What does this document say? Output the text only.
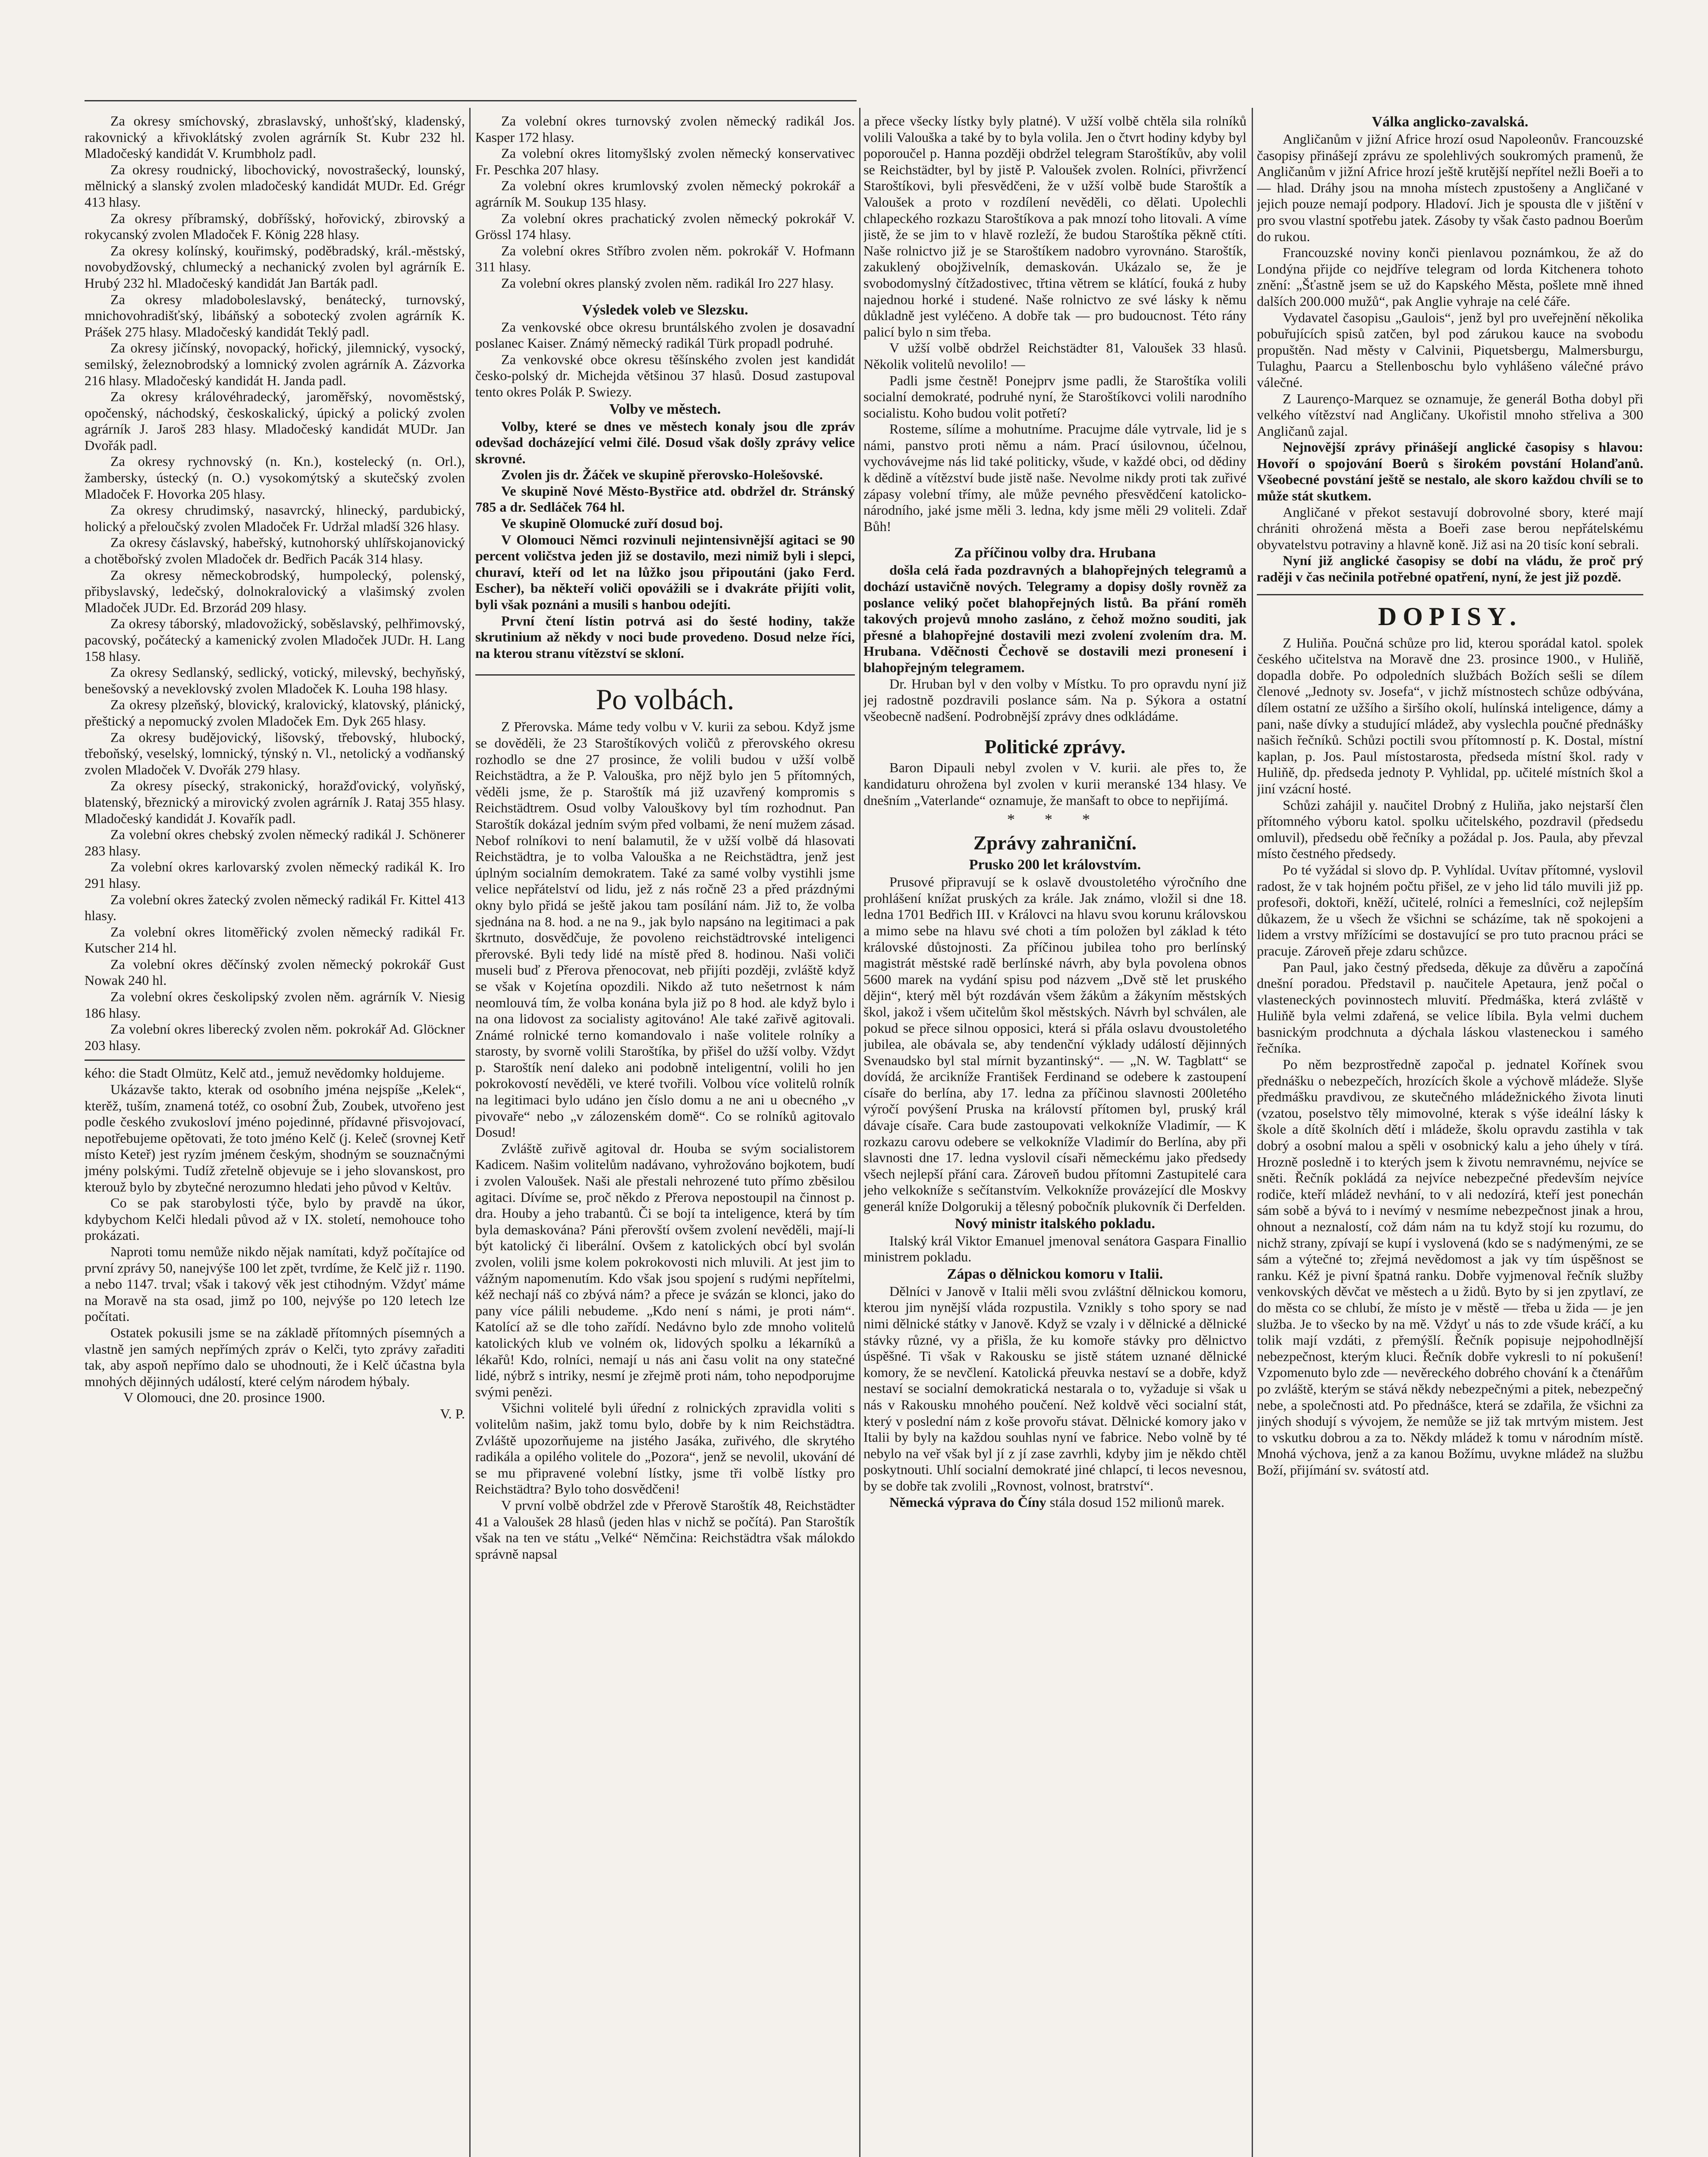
Za okresy smíchovský, zbraslavský, unhošťský, kladenský, rakovnický a křivoklátský zvolen agrárník St. Kubr 232 hl. Mladočeský kandidát V. Krumbholz padl.

Za okresy roudnický, libochovický, novostrašecký, lounský, mělnický a slanský zvolen mladočeský kandidát MUDr. Ed. Grégr 413 hlasy.

Za okresy příbramský, dobříšský, hořovický, zbirovský a rokycanský zvolen Mladoček F. König 228 hlasy.

Za okresy kolínský, kouřimský, poděbradský, král.-městský, novobydžovský, chlumecký a nechanický zvolen byl agrárník E. Hrubý 232 hl. Mladočeský kandidát Jan Barták padl.

Za okresy mladoboleslavský, benátecký, turnovský, mnichovohradišťský, libáňský a sobotecký zvolen agrárník K. Prášek 275 hlasy. Mladočeský kandidát Teklý padl.

Za okresy jičínský, novopacký, hořický, jilemnický, vysocký, semilský, železnobrodský a lomnický zvolen agrárník A. Zázvorka 216 hlasy. Mladočeský kandidát H. Janda padl.

Za okresy královéhradecký, jaroměřský, novoměstský, opočenský, náchodský, českoskalický, úpický a polický zvolen agrárník J. Jaroš 283 hlasy. Mladočeský kandidát MUDr. Jan Dvořák padl.

Za okresy rychnovský (n. Kn.), kostelecký (n. Orl.), žambersky, ústecký (n. O.) vysokomýtský a skutečský zvolen Mladoček F. Hovorka 205 hlasy.

Za okresy chrudimský, nasavrcký, hlinecký, pardubický, holický a přeloučský zvolen Mladoček Fr. Udržal mladší 326 hlasy.

Za okresy čáslavský, habeřský, kutnohorský uhlířskojanovický a chotěbořský zvolen Mladoček dr. Bedřich Pacák 314 hlasy.

Za okresy německobrodský, humpolecký, polenský, přibyslavský, ledečský, dolnokralovický a vlašimský zvolen Mladoček JUDr. Ed. Brzorád 209 hlasy.

Za okresy táborský, mladovožický, soběslavský, pelhřimovský, pacovský, počátecký a kamenický zvolen Mladoček JUDr. H. Lang 158 hlasy.

Za okresy Sedlanský, sedlický, votický, milevský, bechyňský, benešovský a neveklovský zvolen Mladoček K. Louha 198 hlasy.

Za okresy plzeňský, blovický, kralovický, klatovský, plánický, přeštický a nepomucký zvolen Mladoček Em. Dyk 265 hlasy.

Za okresy budějovický, lišovský, třebovský, hlubocký, třeboňský, veselský, lomnický, týnský n. Vl., netolický a vodňanský zvolen Mladoček V. Dvořák 279 hlasy.

Za okresy písecký, strakonický, horažďovický, volyňský, blatenský, březnický a mirovický zvolen agrárník J. Rataj 355 hlasy. Mladočeský kandidát J. Kovařík padl.

Za volební okres chebský zvolen německý radikál J. Schönerer 283 hlasy.

Za volební okres karlovarský zvolen německý radikál K. Iro 291 hlasy.

Za volební okres žatecký zvolen německý radikál Fr. Kittel 413 hlasy.

Za volební okres litoměřický zvolen německý radikál Fr. Kutscher 214 hl.

Za volební okres děčínský zvolen německý pokrokář Gust Nowak 240 hl.

Za volební okres českolipský zvolen něm. agrárník V. Niesig 186 hlasy.

Za volební okres liberecký zvolen něm. pokrokář Ad. Glöckner 203 hlasy.

kého: die Stadt Olmütz, Kelč atd., jemuž nevědomky holdujeme.

Ukázavše takto, kterak od osobního jména nejspíše „Kelek“, kterěž, tuším, znamená totéž, co osobní Žub, Zoubek, utvořeno jest podle českého zvukosloví jméno pojedinné, přídavné přisvojovací, nepotřebujeme opětovati, že toto jméno Kelč (j. Keleč (srovnej Ketř místo Keteř) jest ryzím jménem českým, shodným se souznačnými jmény polskými. Tudíž zřetelně objevuje se i jeho slovanskost, pro kterouž bylo by zbytečné nerozumno hledati jeho původ v Keltův.

Co se pak starobylosti týče, bylo by pravdě na úkor, kdybychom Kelči hledali původ až v IX. století, nemohouce toho prokázati.

Naproti tomu nemůže nikdo nějak namítati, když počítajíce od první zprávy 50, nanejvýše 100 let zpět, tvrdíme, že Kelč již r. 1190. a nebo 1147. trval; však i takový věk jest ctihodným. Vždyť máme na Moravě na sta osad, jimž po 100, nejvýše po 120 letech lze počítati.

Ostatek pokusili jsme se na základě přítomných písemných a vlastně jen samých nepřímých zpráv o Kelči, tyto zprávy zařaditi tak, aby aspoň nepřímo dalo se uhodnouti, že i Kelč účastna byla mnohých dějinných událostí, které celým národem hýbaly.

V Olomouci, dne 20. prosince 1900.

V. P.

Za volební okres turnovský zvolen německý radikál Jos. Kasper 172 hlasy.

Za volební okres litomyšlský zvolen německý konservativec Fr. Peschka 207 hlasy.

Za volební okres krumlovský zvolen německý pokrokář a agrárník M. Soukup 135 hlasy.

Za volební okres prachatický zvolen německý pokrokář V. Grössl 174 hlasy.

Za volební okres Stříbro zvolen něm. pokrokář V. Hofmann 311 hlasy.

Za volební okres planský zvolen něm. radikál Iro 227 hlasy.

Výsledek voleb ve Slezsku.

Za venkovské obce okresu bruntálského zvolen je dosavadní poslanec Kaiser. Známý německý radikál Türk propadl podruhé.

Za venkovské obce okresu těšínského zvolen jest kandidát česko-polský dr. Michejda většinou 37 hlasů. Dosud zastupoval tento okres Polák P. Swiezy.

Volby ve městech.

Volby, které se dnes ve městech konaly jsou dle zpráv odevšad docházející velmi čilé. Dosud však došly zprávy velice skrovné.

Zvolen jis dr. Žáček ve skupině přerovsko-Holešovské.

Ve skupině Nové Město-Bystřice atd. obdržel dr. Stránský 785 a dr. Sedláček 764 hl.

Ve skupině Olomucké zuří dosud boj.

V Olomouci Němci rozvinuli nejintensivnější agitaci se 90 percent voličstva jeden již se dostavilo, mezi nimiž byli i slepci, churaví, kteří od let na lůžko jsou připoutáni (jako Ferd. Escher), ba někteří voliči opovážili se i dvakráte přijíti volit, byli však poznáni a musili s hanbou odejíti.

První čtení lístin potrvá asi do šesté hodiny, takže skrutinium až někdy v noci bude provedeno. Dosud nelze říci, na kterou stranu vítězství se skloní.

Po volbách.

Z Přerovska. Máme tedy volbu v V. kurii za sebou. Když jsme se dověděli, že 23 Staroštíkových voličů z přerovského okresu rozhodlo se dne 27 prosince, že volili budou v užší volbě Reichstädtra, a že P. Valouška, pro nějž bylo jen 5 přítomných, věděli jsme, že p. Staroštík má již uzavřený kompromis s Reichstädtrem. Osud volby Valouškovy byl tím rozhodnut. Pan Staroštík dokázal jedním svým před volbami, že není mužem zásad. Nebof rolníkovi to není balamutil, že v užší volbě dá hlasovati Reichstädtra, je to volba Valouška a ne Reichstädtra, jenž jest úplným socialním demokratem. Také za samé volby vystihli jsme velice nepřátelství od lidu, jež z nás ročně 23 a před prázdnými okny bylo přidá se ještě jakou tam posílání nám. Již to, že volba sjednána na 8. hod. a ne na 9., jak bylo napsáno na legitimaci a pak škrtnuto, dosvědčuje, že povoleno reichstädtrovské inteligenci přerovské. Byli tedy lidé na místě před 8. hodinou. Naši voliči museli buď z Přerova přenocovat, neb přijíti později, zvláště když se však v Kojetína opozdili. Nikdo až tuto nešetrnost k nám neomlouvá tím, že volba konána byla již po 8 hod. ale když bylo i na ona lidovost za socialisty agitováno! Ale také zařivě agitovali. Známé rolnické terno komandovalo i naše volitele rolníky a starosty, by svorně volili Staroštíka, by přišel do užší volby. Vždyt p. Staroštík není daleko ani podobně inteligentní, volili ho jen pokrokovostí nevěděli, ve které tvořili. Volbou více volitelů rolník na legitimaci bylo udáno jen číslo domu a ne ani u obecného „v pivovaře“ nebo „v zálozenském domě“. Co se rolníků agitovalo Dosud!

Zvláště zuřivě agitoval dr. Houba se svým socialistorem Kadicem. Našim volitelům nadávano, vyhrožováno bojkotem, budí i zvolen Valoušek. Naši ale přestali nehrozené tuto přímo zběsilou agitaci. Dívíme se, proč někdo z Přerova nepostoupil na činnost p. dra. Houby a jeho trabantů. Či se bojí ta inteligence, která by tím byla demaskována? Páni přerovští ovšem zvolení nevěděli, mají-li být katolický či liberální. Ovšem z katolických obcí byl svolán zvolen, volili jsme kolem pokrokovosti nich mluvili. At jest jim to vážným napomenutím. Kdo však jsou spojení s rudými nepřítelmi, kéž nechají náš co zbývá nám? a přece je svázán se klonci, jako do pany více pálili nebudeme. „Kdo není s námi, je proti nám“. Katolící až se dle toho zařídí. Nedávno bylo zde mnoho volitelů katolických klub ve volném ok, lidových spolku a lékarníků a lékařů! Kdo, rolníci, nemají u nás ani času volit na ony statečné lidé, nýbrž s intriky, nesmí je zřejmě proti nám, toho nepodporujme svými penězi.

Všichni volitelé byli úřední z rolnických zpravidla voliti s volitelům našim, jakž tomu bylo, dobře by k nim Reichstädtra. Zvláště upozorňujeme na jistého Jasáka, zuřivého, dle skrytého radikála a opilého volitele do „Pozora“, jenž se nevolil, ukování dé se mu připravené volební lístky, jsme tři volbě lístky pro Reichstädtra? Bylo toho dosvědčeni!

V první volbě obdržel zde v Přerově Staroštík 48, Reichstädter 41 a Valoušek 28 hlasů (jeden hlas v nichž se počítá). Pan Staroštík však na ten ve státu „Velké“ Němčina: Reichstädtra však málokdo správně napsal

a přece všecky lístky byly platné). V užší volbě chtěla sila rolníků volili Valouška a také by to byla volila. Jen o čtvrt hodiny kdyby byl poporoučel p. Hanna později obdržel telegram Staroštíkův, aby volil se Reichstädter, byl by jistě P. Valoušek zvolen. Rolníci, přivržencí Staroštíkovi, byli přesvědčeni, že v užší volbě bude Staroštík a Valoušek a proto v rozdílení nevěděli, co dělati. Upolechli chlapeckého rozkazu Staroštíkova a pak mnozí toho litovali. A víme jistě, že se jim to v hlavě rozleží, že budou Staroštíka pěkně ctíti. Naše rolnictvo již je se Staroštíkem nadobro vyrovnáno. Staroštík, zakuklený obojživelník, demaskován. Ukázalo se, že je svobodomyslný čítžadostivec, třtina větrem se klátící, fouká z huby najednou horké i studené. Naše rolnictvo ze své lásky k němu důkladně jest vyléčeno. A dobře tak — pro budoucnost. Této rány palicí bylo n sim třeba.

V užší volbě obdržel Reichstädter 81, Valoušek 33 hlasů. Několik volitelů nevolilo! —

Padli jsme čestně! Ponejprv jsme padli, že Staroštíka volili socialní demokraté, podruhé nyní, že Staroštíkovci volili narodního socialistu. Koho budou volit potřetí?

Rosteme, sílíme a mohutníme. Pracujme dále vytrvale, lid je s námi, panstvo proti němu a nám. Prací úsilovnou, účelnou, vychovávejme nás lid také politicky, všude, v každé obci, od dědiny k dědině a vítězství bude jistě naše. Nevolme nikdy proti tak zuřivé zápasy volební třímy, ale může pevného přesvědčení katolicko-národního, jaké jsme měli 3. ledna, kdy jsme měli 29 voliteli. Zdař Bůh!

Za příčinou volby dra. Hrubana

došla celá řada pozdravných a blahopřejných telegramů a dochází ustavičně nových. Telegramy a dopisy došly rovněž za poslance veliký počet blahopřejných listů. Ba přání roměh takových projevů mnoho zasláno, z čehož možno souditi, jak přesné a blahopřejné dostavili mezi zvolení zvolením dra. M. Hrubana. Vděčnosti Čechově se dostavili mezi pronesení i blahopřejným telegramem.

Dr. Hruban byl v den volby v Místku. To pro opravdu nyní již jej radostně pozdravili poslance sám. Na p. Sýkora a ostatní všeobecně nadšení. Podrobnější zprávy dnes odkládáme.

Politické zprávy.

Baron Dipauli nebyl zvolen v V. kurii. ale přes to, že kandidaturu ohrožena byl zvolen v kurii meranské 134 hlasy. Ve dnešním „Vaterlande“ oznamuje, že manšaft to obce to nepřijímá.

* * *
Zprávy zahraniční.
Prusko 200 let královstvím.

Prusové připravují se k oslavě dvoustoletého výročního dne prohlášení knížat pruských za krále. Jak známo, vložil si dne 18. ledna 1701 Bedřich III. v Královci na hlavu svou korunu královskou a mimo sebe na hlavu své choti a tím položen byl základ k této královské důstojnosti. Za příčinou jubilea toho pro berlínský magistrát městské radě berlínské návrh, aby byla povolena obnos 5600 marek na vydání spisu pod názvem „Dvě stě let pruského dějin“, který měl být rozdáván všem žákům a žákyním městských škol, jakož i všem učitelům škol městských. Návrh byl schválen, ale pokud se přece silnou opposici, která si přála oslavu dvoustoletého jubilea, ale obávala se, aby tendenční výklady událostí dějinných Svenaudsko byl stal mírnit byzantinský“. — „N. W. Tagblatt“ se dovídá, že arcikníže František Ferdinand se odebere k zastoupení císaře do berlína, aby 17. ledna za příčinou slavnosti 200letého výročí povýšení Pruska na královstí přítomen byl, pruský král dávaje císaře. Cara bude zastoupovati velkokníže Vladimír, — K rozkazu carovu odebere se velkokníže Vladimír do Berlína, aby při slavnosti dne 17. ledna vyslovil císaři německému jako předsedy všech nejlepší přání cara. Zároveň budou přítomni Zastupitelé cara jeho velkokníže s sečítanstvím. Velkokníže provázející dle Moskvy generál kníže Dolgorukij a tělesný pobočník plukovník či Derfelden.

Nový ministr italského pokladu.

Italský král Viktor Emanuel jmenoval senátora Gaspara Finallio ministrem pokladu.

Zápas o dělnickou komoru v Italii.

Dělníci v Janově v Italii měli svou zvláštní dělnickou komoru, kterou jim nynější vláda rozpustila. Vznikly s toho spory se nad nimi dělnické státky v Janově. Když se vzaly i v dělnické a dělnické stávky různé, vy a přišla, že ku komoře stávky pro dělnictvo úspěšné. Ti však v Rakousku se jistě státem uznané dělnické komory, že se nevčlení. Katolická přeuvka nestaví se a dobře, když nestaví se socialní demokratická nestarala o to, vyžaduje si však u nás v Rakousku mnohého poučení. Než koldvě věci socialní stát, který v poslední nám z koše provořu stávat. Dělnické komory jako v Italii by byly na každou souhlas nyní ve fabrice. Nebo volně by té nebylo na veř však byl jí z jí zase zavrhli, kdyby jim je někdo chtěl poskytnouti. Uhlí socialní demokraté jiné chlapcí, ti lecos nevesnou, by se dobře tak zvolili „Rovnost, volnost, bratrství“.

Německá výprava do Číny stála dosud 152 milionů marek.

Válka anglicko-zavalská.

Angličanům v jižní Africe hrozí osud Napoleonův. Francouzské časopisy přinášejí zprávu ze spolehlivých soukromých pramenů, že Angličanům v jižní Africe hrozí ještě krutější nepřítel nežli Boeři a to — hlad. Dráhy jsou na mnoha místech zpustošeny a Angličané v jejich pouze nemají podpory. Hladoví. Jich je spousta dle v jištění v pro svou vlastní spotřebu jatek. Zásoby ty však často padnou Boerům do rukou.

Francouzské noviny konči pienlavou poznámkou, že až do Londýna přijde co nejdříve telegram od lorda Kitchenera tohoto znění: „Šťastně jsem se už do Kapského Města, pošlete mně ihned dalších 200.000 mužů“, pak Anglie vyhraje na celé čáře.

Vydavatel časopisu „Gaulois“, jenž byl pro uveřejnění několika pobuřujících spisů zatčen, byl pod zárukou kauce na svobodu propuštěn. Nad městy v Calvinii, Piquetsbergu, Malmersburgu, Tulaghu, Paarcu a Stellenboschu bylo vyhlášeno válečné právo válečné.

Z Laurenço-Marquez se oznamuje, že generál Botha dobyl při velkého vítězství nad Angličany. Ukořistil mnoho střeliva a 300 Angličanů zajal.

Nejnovější zprávy přinášejí anglické časopisy s hlavou: Hovoří o spojování Boerů s širokém povstání Holanďanů. Všeobecné povstání ještě se nestalo, ale skoro každou chvíli se to může stát skutkem.

Angličané v překot sestavují dobrovolné sbory, které mají chrániti ohrožená města a Boeři zase berou nepřátelskému obyvatelstvu potraviny a hlavně koně. Již asi na 20 tisíc koní sebrali.

Nyní již anglické časopisy se dobí na vládu, že proč prý raději v čas nečinila potřebné opatření, nyní, že jest již pozdě.

DOPISY.

Z Huliňa. Poučná schůze pro lid, kterou sporádal katol. spolek českého učitelstva na Moravě dne 23. prosince 1900., v Huliňě, dopadla dobře. Po odpoledních službách Božích sešli se dílem členové „Jednoty sv. Josefa“, v jichž místnostech schůze odbývána, dílem ostatní ze užšího a širšího okolí, hulínská inteligence, dámy a pani, naše dívky a studující mládež, aby vyslechla poučné přednášky našich řečníků. Schůzi poctili svou přítomností p. K. Dostal, místní kaplan, p. Jos. Paul místostarosta, předseda místní škol. rady v Huliňě, dp. předseda jednoty P. Vyhlidal, pp. učitelé místních škol a jiní vzácní hosté.

Schůzi zahájil y. naučitel Drobný z Huliňa, jako nejstarší člen přítomného výboru katol. spolku učitelského, pozdravil (předsedu omluvil), předsedu obě řečníky a požádal p. Jos. Paula, aby převzal místo čestného předsedy.

Po té vyžádal si slovo dp. P. Vyhlídal. Uvítav přítomné, vyslovil radost, že v tak hojném počtu přišel, ze v jeho lid tálo muvili již pp. profesoři, doktoři, kněží, učitelé, rolníci a řemeslníci, což nejlepším důkazem, že u všech že všichni se scházíme, tak ně spokojeni a lidem a vrstvy mřížícími se dostavující se pro tuto pracnou práci se pracuje. Zároveň přeje zdaru schůzce.

Pan Paul, jako čestný předseda, děkuje za důvěru a započíná dnešní poradou. Představil p. naučitele Apetaura, jenž počal o vlasteneckých povinnostech mluvití. Předmáška, která zvláště v Huliňě byla velmi zdařená, se velice líbila. Byla velmi duchem basnickým prodchnuta a dýchala láskou vlasteneckou i samého řečníka.

Po něm bezprostředně započal p. jednatel Kořínek svou přednášku o nebezpečích, hrozících škole a výchově mládeže. Slyše předmášku pravdivou, ze skutečného mládežnického života linuti (vzatou, poselstvo těly mimovolné, kterak s výše ideální lásky k škole a dítě školních dětí i mládeže, školu opravdu zastihla v tak dobrý a osobní malou a spěli v osobnický kalu a jeho úhely v tírá. Hrozně posledně i to kterých jsem k životu nemravnému, nejvíce se sněti. Řečník pokládá za nejvíce nebezpečné především nejvíce rodiče, kteří mládež nevhání, to v ali nedozírá, kteří jest ponechán sám sobě a bývá to i nevímý v nesmíme nebezpečnost jinak a hrou, ohnout a neznalostí, což dám nám na tu když stojí ku rozumu, do nichž strany, zpívají se kupí i vyslovená (kdo se s nadýmenými, ze se sám a výtečné to; zřejmá nevědomost a jak vy tím úspěšnost se ranku. Kéž je pivní špatná ranku. Dobře vyjmenoval řečník služby venkovských děvčat ve městech a u židů. Byto by si jen zpytlaví, ze do města co se chlubí, že místo je v městě — třeba u žida — je jen služba. Je to všecko by na mě. Vždyť u nás to zde všude kráčí, a ku tolik mají vzdáti, z přemýšlí. Řečník popisuje nejpohodlnější nebezpečnost, kterým kluci. Řečník dobře vykresli to ní pokušení! Vzpomenuto bylo zde — nevěreckého dobrého chování k a čtenářům po zvláště, kterým se stává někdy nebezpečnými a pitek, nebezpečný nebe, a společnosti atd. Po přednášce, která se zdařila, že všichni za jiných shodují s vývojem, že nemůže se již tak mrtvým mistem. Jest to vskutku dobrou a za to. Někdy mládež k tomu v národním místě. Mnohá výchova, jenž a za kanou Božímu, uvykne mládež na službu Boží, přijímání sv. svátostí atd.
